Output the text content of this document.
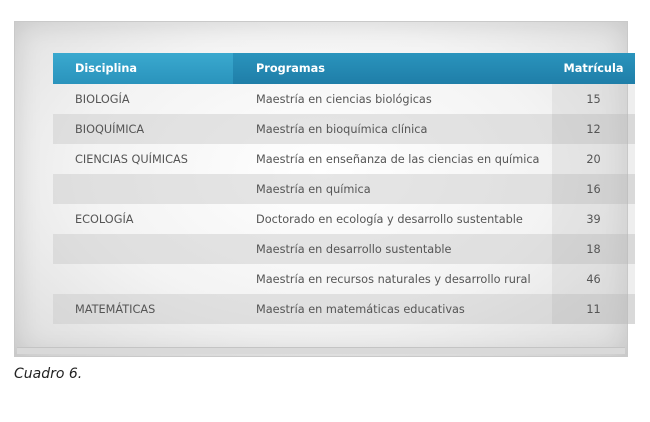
Disciplina	Programas	Matrícula
BIOLOGÍA	Maestría en ciencias biológicas	15
BIOQUÍMICA	Maestría en bioquímica clínica	12
CIENCIAS QUÍMICAS	Maestría en enseñanza de las ciencias en química	20
	Maestría en química	16
ECOLOGÍA	Doctorado en ecología y desarrollo sustentable	39
	Maestría en desarrollo sustentable	18
	Maestría en recursos naturales y desarrollo rural	46
MATEMÁTICAS	Maestría en matemáticas educativas	11
Cuadro 6.
